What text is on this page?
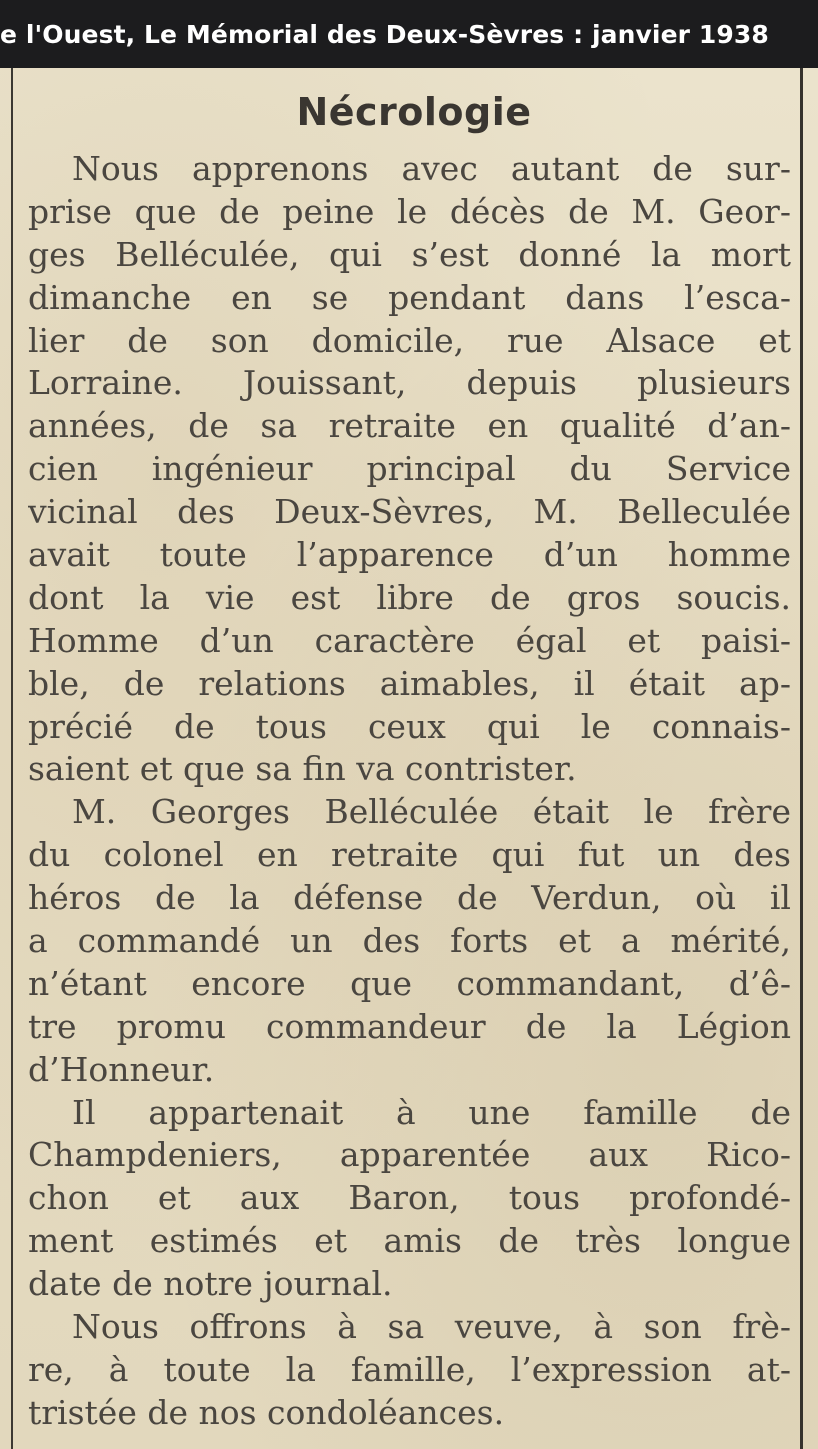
e l'Ouest, Le Mémorial des Deux-Sèvres : janvier 1938
Nécrologie
Nous apprenons avec autant de sur-
prise que de peine le décès de M. Geor-
ges Belléculée, qui s’est donné la mort
dimanche en se pendant dans l’esca-
lier de son domicile, rue Alsace et
Lorraine. Jouissant, depuis plusieurs
années, de sa retraite en qualité d’an-
cien ingénieur principal du Service
vicinal des Deux-Sèvres, M. Belleculée
avait toute l’apparence d’un homme
dont la vie est libre de gros soucis.
Homme d’un caractère égal et paisi-
ble, de relations aimables, il était ap-
précié de tous ceux qui le connais-
saient et que sa fin va contrister.
M. Georges Belléculée était le frère
du colonel en retraite qui fut un des
héros de la défense de Verdun, où il
a commandé un des forts et a mérité,
n’étant encore que commandant, d’ê-
tre promu commandeur de la Légion
d’Honneur.
Il appartenait à une famille de
Champdeniers, apparentée aux Rico-
chon et aux Baron, tous profondé-
ment estimés et amis de très longue
date de notre journal.
Nous offrons à sa veuve, à son frè-
re, à toute la famille, l’expression at-
tristée de nos condoléances.
